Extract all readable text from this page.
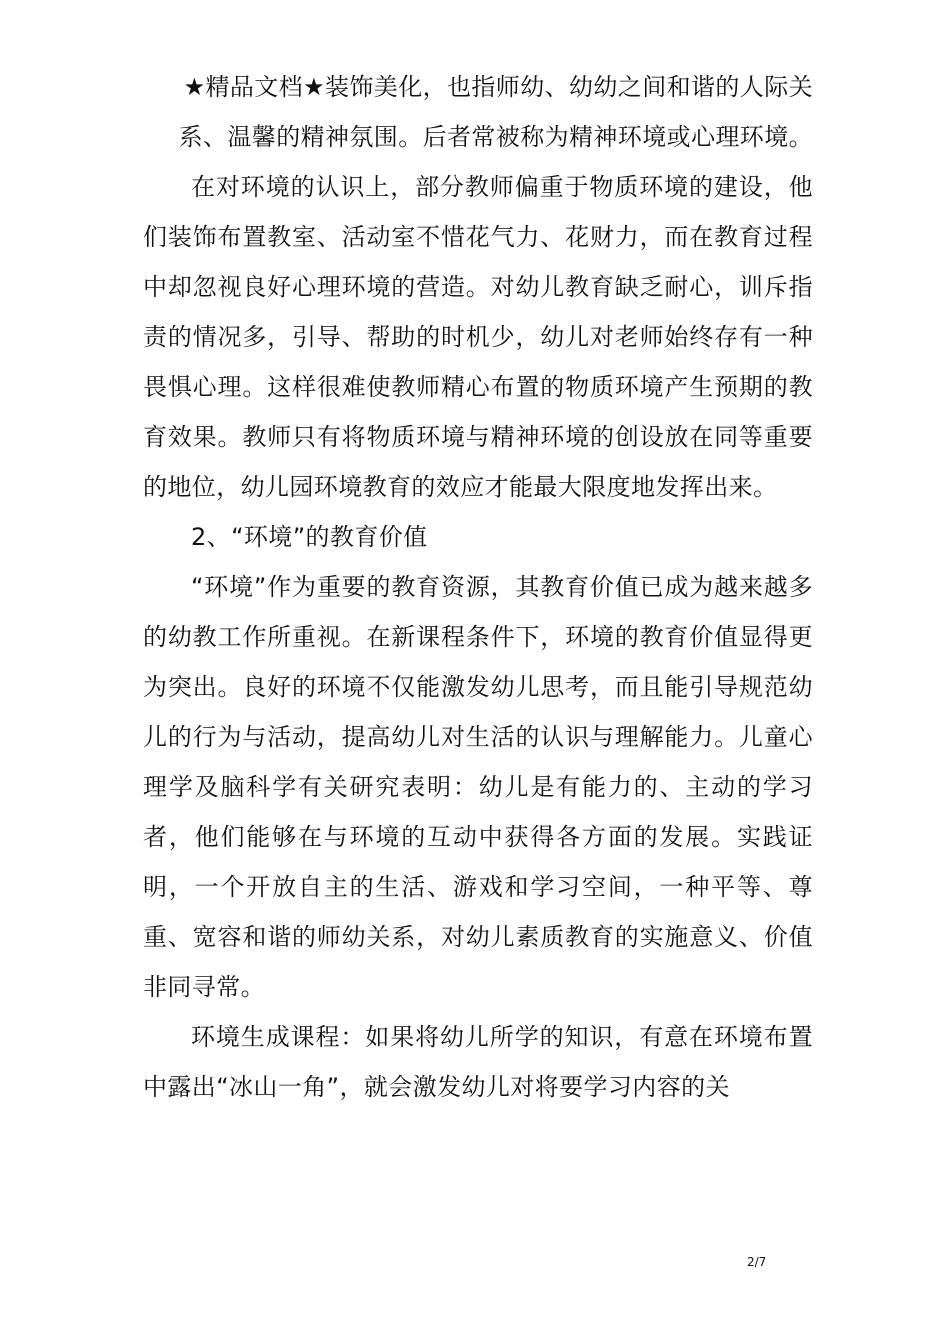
★精品文档★装饰美化，也指师幼、幼幼之间和谐的人际关系、温馨的精神氛围。后者常被称为精神环境或心理环境。

在对环境的认识上，部分教师偏重于物质环境的建设，他们装饰布置教室、活动室不惜花气力、花财力，而在教育过程中却忽视良好心理环境的营造。对幼儿教育缺乏耐心，训斥指责的情况多，引导、帮助的时机少，幼儿对老师始终存有一种畏惧心理。这样很难使教师精心布置的物质环境产生预期的教育效果。教师只有将物质环境与精神环境的创设放在同等重要的地位，幼儿园环境教育的效应才能最大限度地发挥出来。

2、“环境”的教育价值

“环境”作为重要的教育资源，其教育价值已成为越来越多的幼教工作所重视。在新课程条件下，环境的教育价值显得更为突出。良好的环境不仅能激发幼儿思考，而且能引导规范幼儿的行为与活动，提高幼儿对生活的认识与理解能力。儿童心理学及脑科学有关研究表明：幼儿是有能力的、主动的学习者，他们能够在与环境的互动中获得各方面的发展。实践证明，一个开放自主的生活、游戏和学习空间，一种平等、尊重、宽容和谐的师幼关系，对幼儿素质教育的实施意义、价值非同寻常。

环境生成课程：如果将幼儿所学的知识，有意在环境布置中露出“冰山一角”，就会激发幼儿对将要学习内容的关

2/7
